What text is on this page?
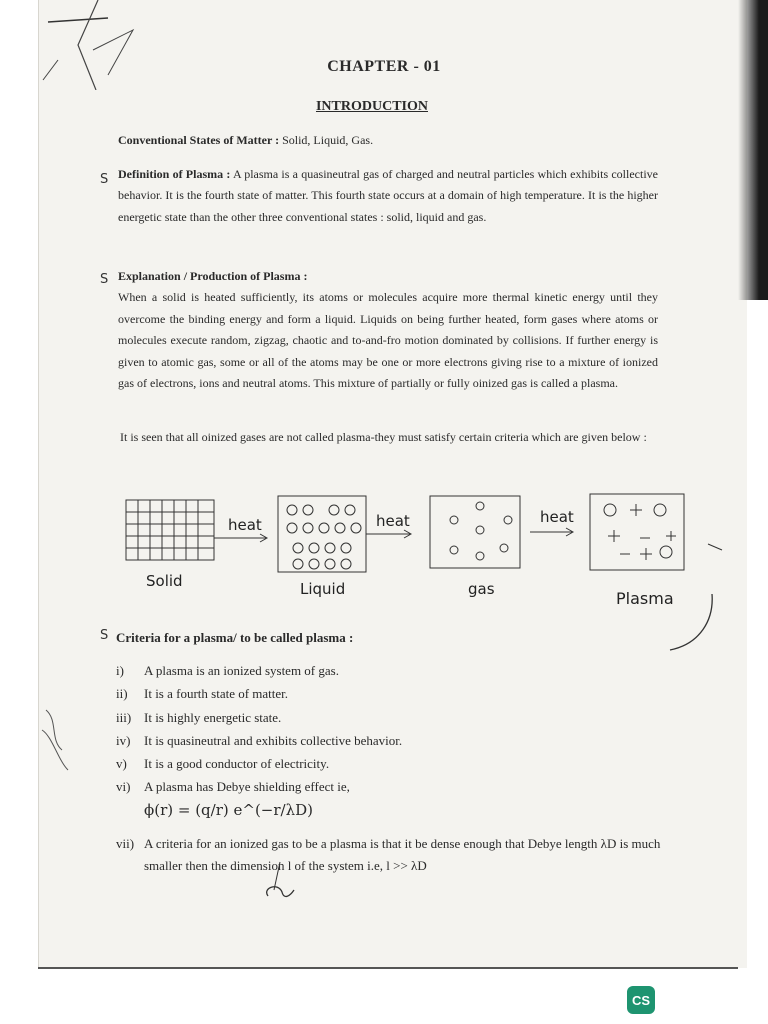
CHAPTER - 01
INTRODUCTION
Conventional States of Matter : Solid, Liquid, Gas.
S Definition of Plasma : A plasma is a quasineutral gas of charged and neutral particles which exhibits collective behavior. It is the fourth state of matter. This fourth state occurs at a domain of high temperature. It is the higher energetic state than the other three conventional states : solid, liquid and gas.
S Explanation / Production of Plasma :
When a solid is heated sufficiently, its atoms or molecules acquire more thermal kinetic energy until they overcome the binding energy and form a liquid. Liquids on being further heated, form gases where atoms or molecules execute random, zigzag, chaotic and to-and-fro motion dominated by collisions. If further energy is given to atomic gas, some or all of the atoms may be one or more electrons giving rise to a mixture of ionized gas of electrons, ions and neutral atoms. This mixture of partially or fully oinized gas is called a plasma.
It is seen that all oinized gases are not called plasma-they must satisfy certain criteria which are given below :
Solid
heat
Liquid
heat
gas
heat
Plasma
S Criteria for a plasma/ to be called plasma :
i)	A plasma is an ionized system of gas.
ii)	It is a fourth state of matter.
iii) It is highly energetic state.
iv)	It is quasineutral and exhibits collective behavior.
v)	It is a good conductor of electricity.
vi)	A plasma has Debye shielding effect ie,
ϕ(r) = (q/r) e^(−r/λD)
vii) A criteria for an ionized gas to be a plasma is that it be dense enough that Debye length λD is much smaller then the dimension l of the system i.e, l >> λD
CS
